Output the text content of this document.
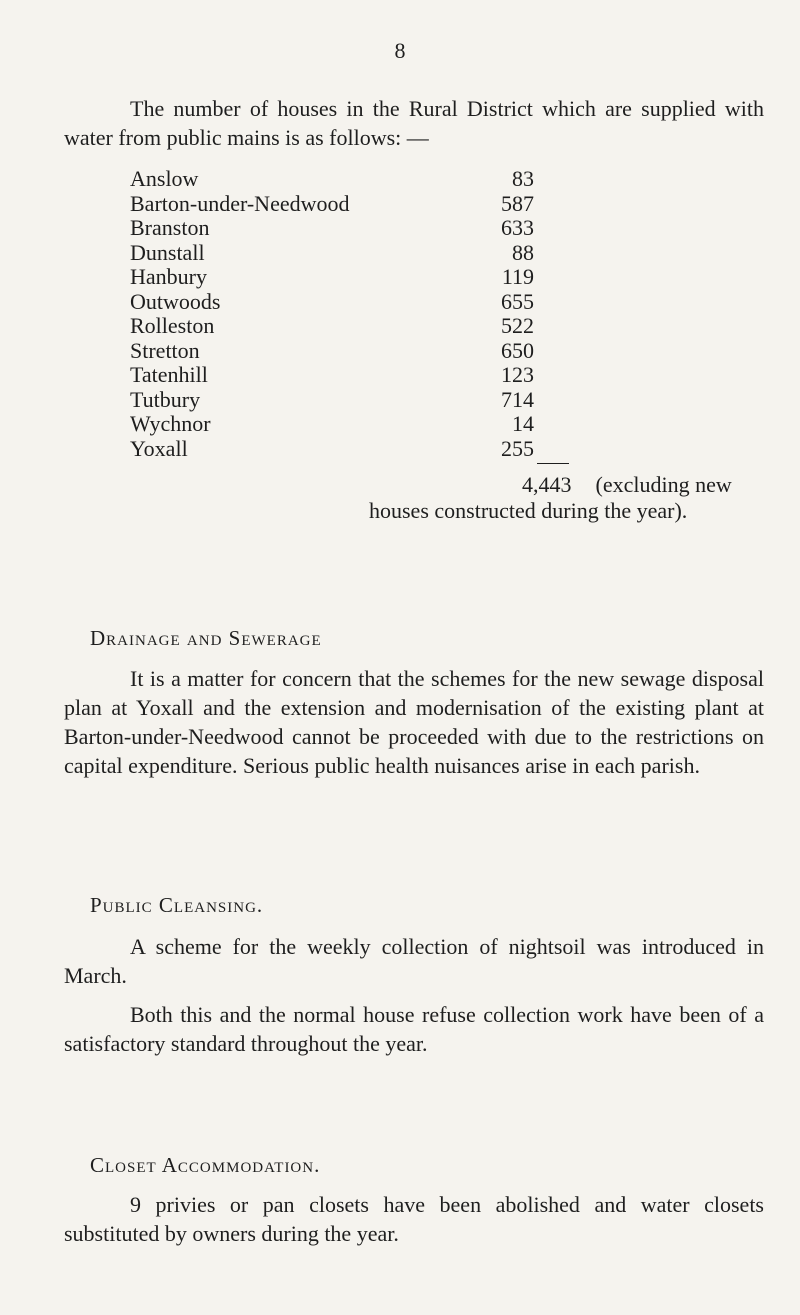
8

The number of houses in the Rural District which are supplied with water from public mains is as follows: —

Anslow	83
Barton-under-Needwood	587
Branston	633
Dunstall	88
Hanbury	119
Outwoods	655
Rolleston	522
Stretton	650
Tatenhill	123
Tutbury	714
Wychnor	14
Yoxall	255
4,443 (excluding new
houses constructed during the year).
Drainage and Sewerage

It is a matter for concern that the schemes for the new sewage disposal plan at Yoxall and the extension and modernisation of the existing plant at Barton-under-Needwood cannot be proceeded with due to the restrictions on capital expenditure. Serious public health nuisances arise in each parish.

Public Cleansing.

A scheme for the weekly collection of nightsoil was introduced in March.

Both this and the normal house refuse collection work have been of a satisfactory standard throughout the year.

Closet Accommodation.

9 privies or pan closets have been abolished and water closets substituted by owners during the year.
